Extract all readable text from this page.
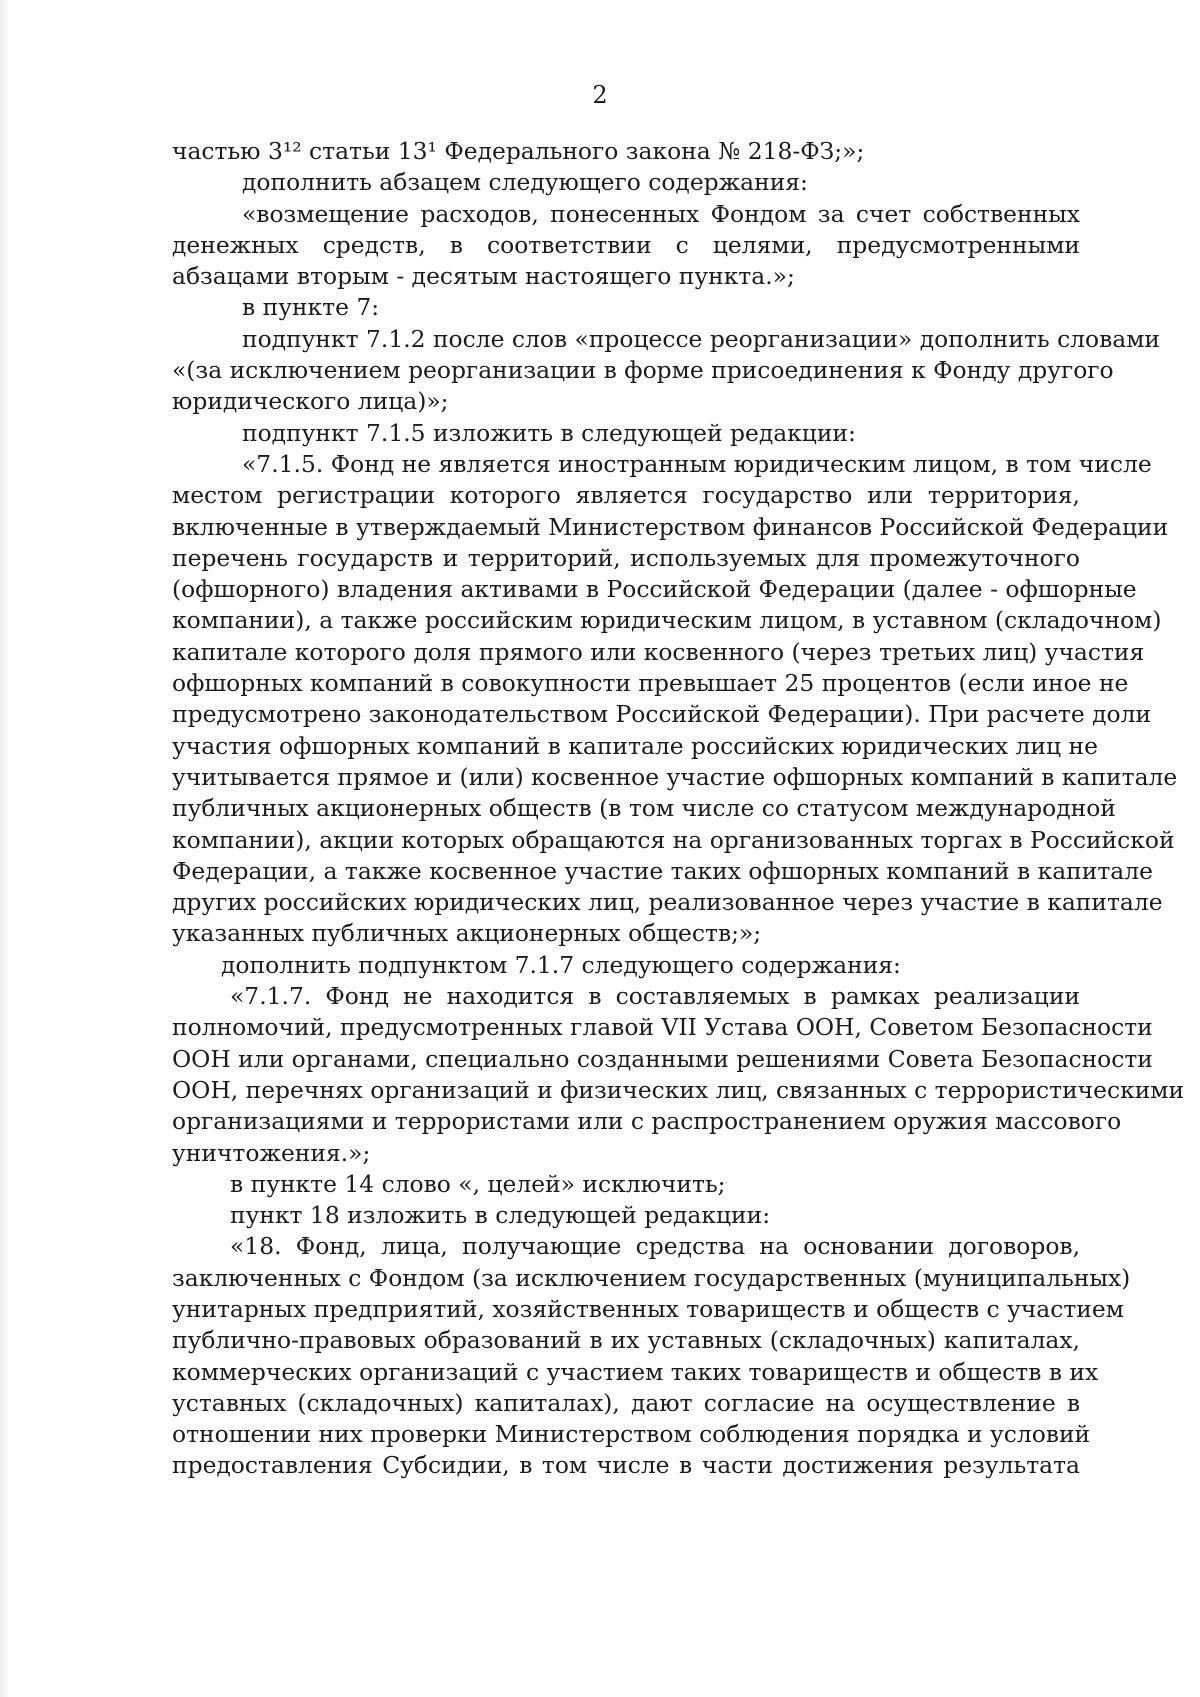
2
частью 3¹² статьи 13¹ Федерального закона № 218-ФЗ;»;
дополнить абзацем следующего содержания:
«возмещение расходов, понесенных Фондом за счет собственных
денежных средств, в соответствии с целями, предусмотренными
абзацами вторым - десятым настоящего пункта.»;
в пункте 7:
подпункт 7.1.2 после слов «процессе реорганизации» дополнить словами
«(за исключением реорганизации в форме присоединения к Фонду другого
юридического лица)»;
подпункт 7.1.5 изложить в следующей редакции:
«7.1.5. Фонд не является иностранным юридическим лицом, в том числе
местом регистрации которого является государство или территория,
включенные в утверждаемый Министерством финансов Российской Федерации
перечень государств и территорий, используемых для промежуточного
(офшорного) владения активами в Российской Федерации (далее - офшорные
компании), а также российским юридическим лицом, в уставном (складочном)
капитале которого доля прямого или косвенного (через третьих лиц) участия
офшорных компаний в совокупности превышает 25 процентов (если иное не
предусмотрено законодательством Российской Федерации). При расчете доли
участия офшорных компаний в капитале российских юридических лиц не
учитывается прямое и (или) косвенное участие офшорных компаний в капитале
публичных акционерных обществ (в том числе со статусом международной
компании), акции которых обращаются на организованных торгах в Российской
Федерации, а также косвенное участие таких офшорных компаний в капитале
других российских юридических лиц, реализованное через участие в капитале
указанных публичных акционерных обществ;»;
дополнить подпунктом 7.1.7 следующего содержания:
«7.1.7. Фонд не находится в составляемых в рамках реализации
полномочий, предусмотренных главой VII Устава ООН, Советом Безопасности
ООН или органами, специально созданными решениями Совета Безопасности
ООН, перечнях организаций и физических лиц, связанных с террористическими
организациями и террористами или с распространением оружия массового
уничтожения.»;
в пункте 14 слово «, целей» исключить;
пункт 18 изложить в следующей редакции:
«18. Фонд, лица, получающие средства на основании договоров,
заключенных с Фондом (за исключением государственных (муниципальных)
унитарных предприятий, хозяйственных товариществ и обществ с участием
публично-правовых образований в их уставных (складочных) капиталах,
коммерческих организаций с участием таких товариществ и обществ в их
уставных (складочных) капиталах), дают согласие на осуществление в
отношении них проверки Министерством соблюдения порядка и условий
предоставления Субсидии, в том числе в части достижения результата
